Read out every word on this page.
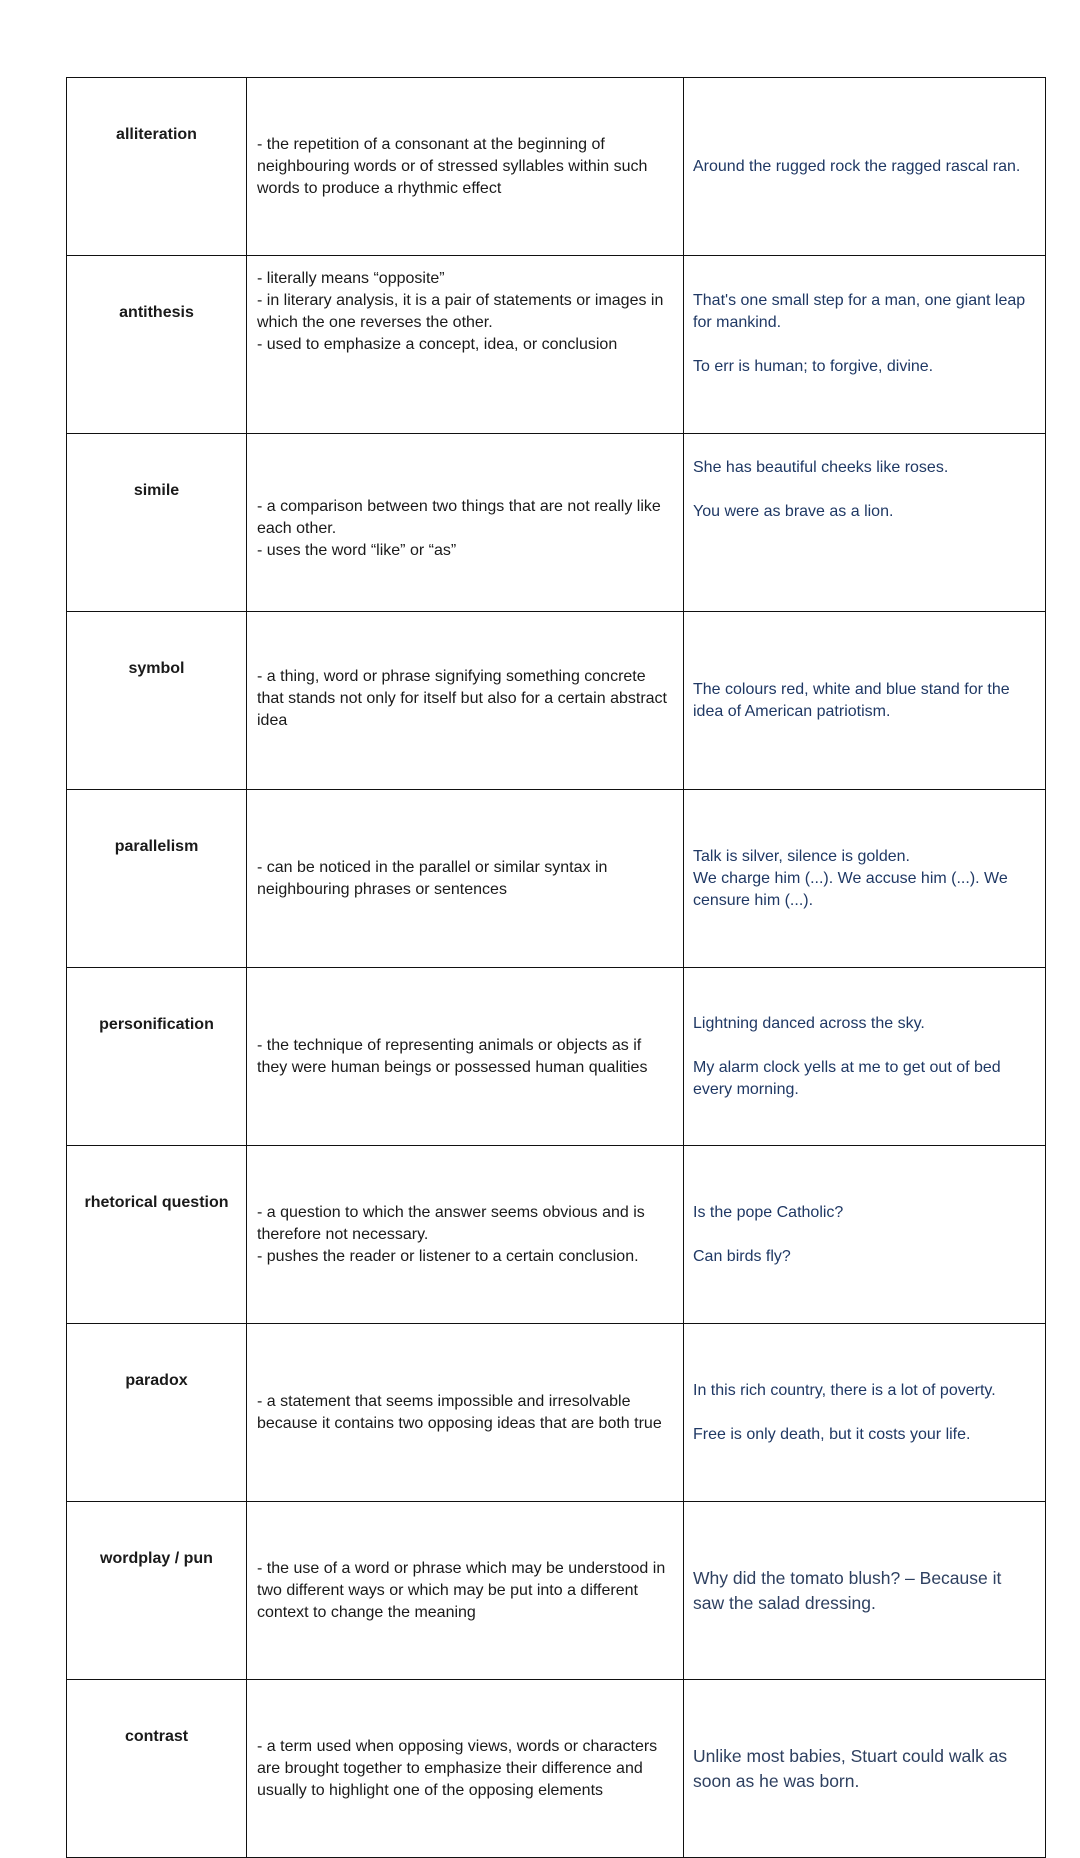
alliteration	- the repetition of a consonant at the beginning of neighbouring words or of stressed syllables within such words to produce a rhythmic effect	Around the rugged rock the ragged rascal ran.

antithesis	- literally means “opposite”
- in literary analysis, it is a pair of statements or images in which the one reverses the other.
- used to emphasize a concept, idea, or conclusion	That's one small step for a man, one giant leap for mankind.
To err is human; to forgive, divine.

simile	- a comparison between two things that are not really like each other.
- uses the word “like” or “as”	She has beautiful cheeks like roses.
You were as brave as a lion.

symbol	- a thing, word or phrase signifying something concrete that stands not only for itself but also for a certain abstract idea	The colours red, white and blue stand for the idea of American patriotism.

parallelism	- can be noticed in the parallel or similar syntax in neighbouring phrases or sentences	Talk is silver, silence is golden.
We charge him (...). We accuse him (...). We censure him (...).

personification	- the technique of representing animals or objects as if they were human beings or possessed human qualities	Lightning danced across the sky.
My alarm clock yells at me to get out of bed every morning.

rhetorical question	- a question to which the answer seems obvious and is therefore not necessary.
- pushes the reader or listener to a certain conclusion.	Is the pope Catholic?
Can birds fly?

paradox	- a statement that seems impossible and irresolvable because it contains two opposing ideas that are both true	In this rich country, there is a lot of poverty.
Free is only death, but it costs your life.

wordplay / pun	- the use of a word or phrase which may be understood in two different ways or which may be put into a different context to change the meaning	Why did the tomato blush? – Because it saw the salad dressing.

contrast	- a term used when opposing views, words or characters are brought together to emphasize their difference and usually to highlight one of the opposing elements	Unlike most babies, Stuart could walk as soon as he was born.
